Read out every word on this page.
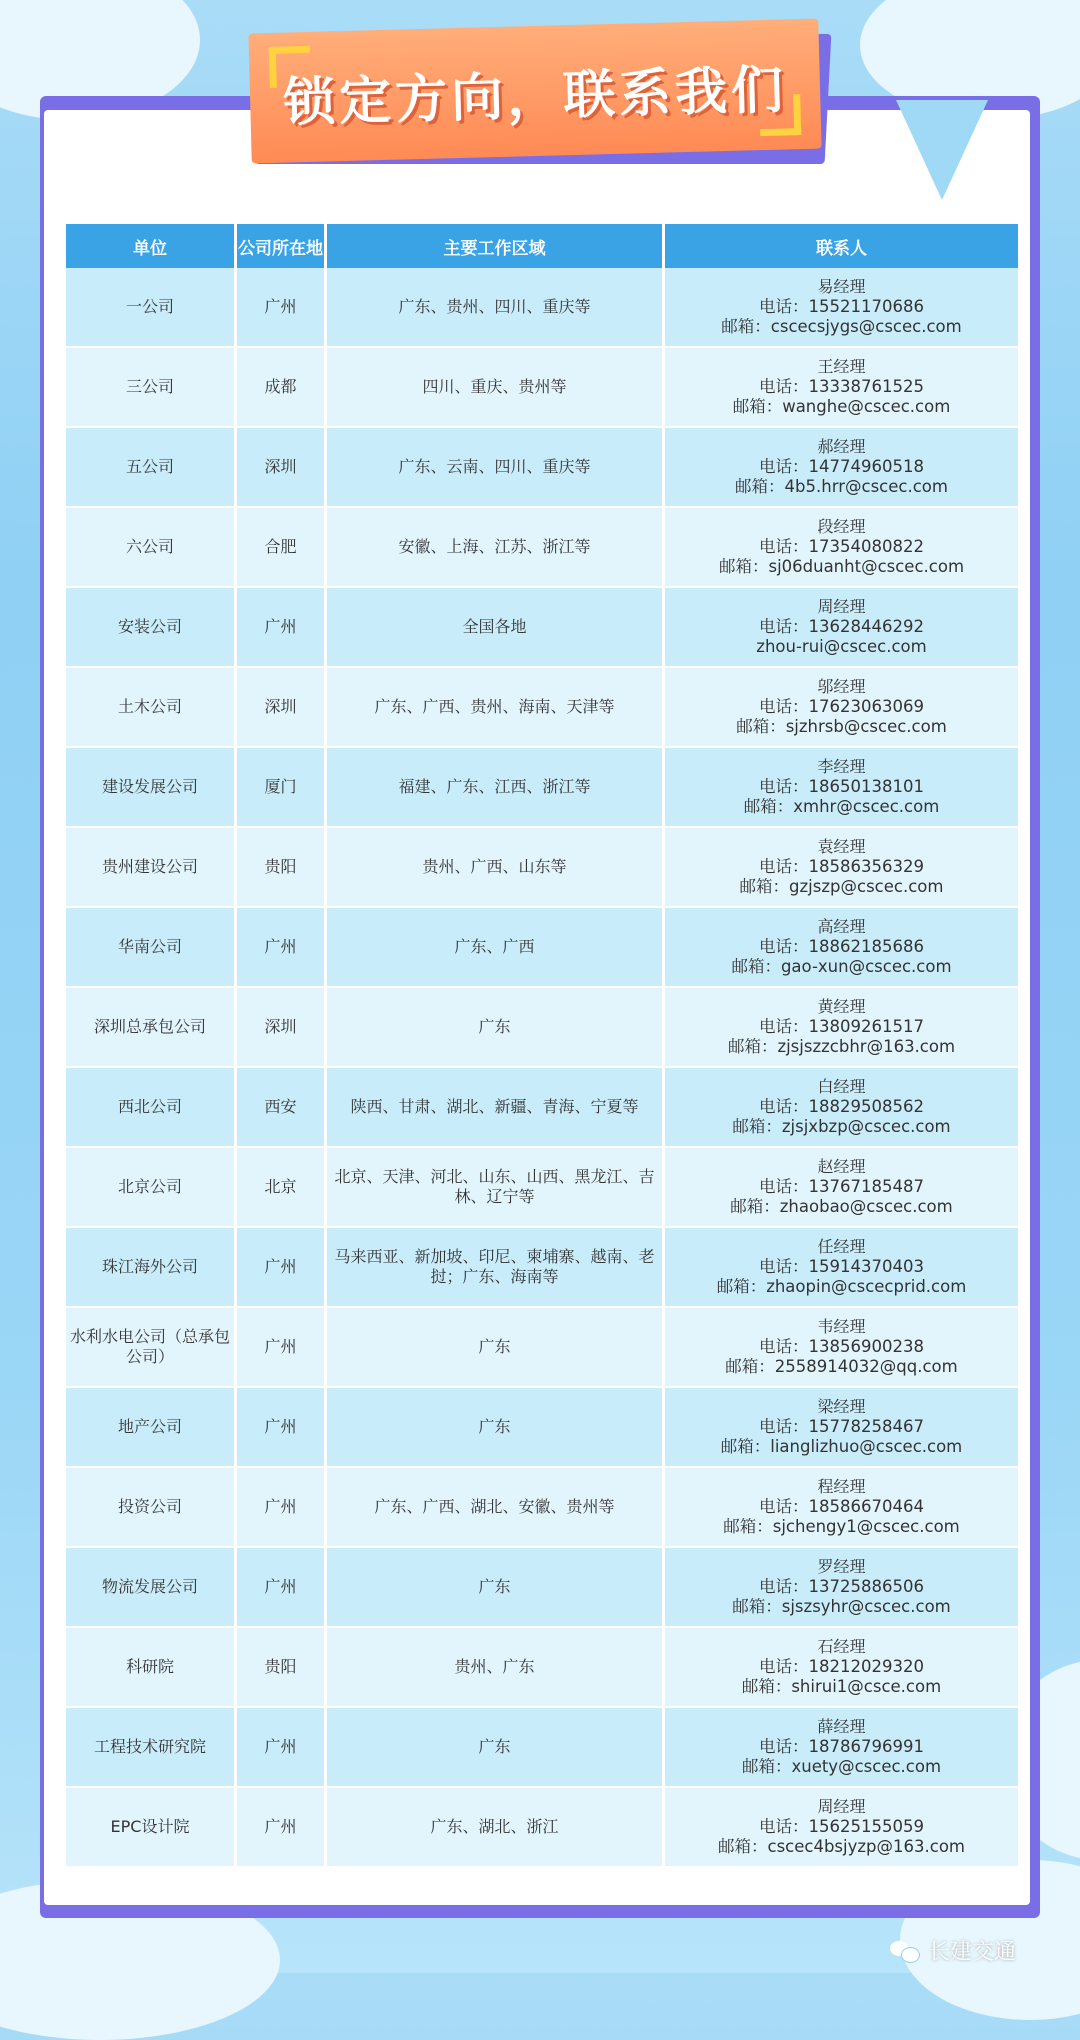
锁定方向，联系我们
单位	公司所在地	主要工作区域	联系人
一公司	广州	广东、贵州、四川、重庆等	易经理
电话：15521170686
邮箱：cscecsjygs@cscec.com

三公司	成都	四川、重庆、贵州等	王经理
电话：13338761525
邮箱：wanghe@cscec.com

五公司	深圳	广东、云南、四川、重庆等	郝经理
电话：14774960518
邮箱：4b5.hrr@cscec.com

六公司	合肥	安徽、上海、江苏、浙江等	段经理
电话：17354080822
邮箱：sj06duanht@cscec.com

安装公司	广州	全国各地	周经理
电话：13628446292
zhou-rui@cscec.com

土木公司	深圳	广东、广西、贵州、海南、天津等	邬经理
电话：17623063069
邮箱：sjzhrsb@cscec.com

建设发展公司	厦门	福建、广东、江西、浙江等	李经理
电话：18650138101
邮箱：xmhr@cscec.com

贵州建设公司	贵阳	贵州、广西、山东等	袁经理
电话：18586356329
邮箱：gzjszp@cscec.com

华南公司	广州	广东、广西	高经理
电话：18862185686
邮箱：gao-xun@cscec.com

深圳总承包公司	深圳	广东	黄经理
电话：13809261517
邮箱：zjsjszzcbhr@163.com

西北公司	西安	陕西、甘肃、湖北、新疆、青海、宁夏等	白经理
电话：18829508562
邮箱：zjsjxbzp@cscec.com

北京公司	北京	北京、天津、河北、山东、山西、黑龙江、吉林、辽宁等	赵经理
电话：13767185487
邮箱：zhaobao@cscec.com

珠江海外公司	广州	马来西亚、新加坡、印尼、柬埔寨、越南、老挝；广东、海南等	任经理
电话：15914370403
邮箱：zhaopin@cscecprid.com

水利水电公司（总承包公司）	广州	广东	韦经理
电话：13856900238
邮箱：2558914032@qq.com

地产公司	广州	广东	梁经理
电话：15778258467
邮箱：lianglizhuo@cscec.com

投资公司	广州	广东、广西、湖北、安徽、贵州等	程经理
电话：18586670464
邮箱：sjchengy1@cscec.com

物流发展公司	广州	广东	罗经理
电话：13725886506
邮箱：sjszsyhr@cscec.com

科研院	贵阳	贵州、广东	石经理
电话：18212029320
邮箱：shirui1@csce.com

工程技术研究院	广州	广东	薛经理
电话：18786796991
邮箱：xuety@cscec.com

EPC设计院	广州	广东、湖北、浙江	周经理
电话：15625155059
邮箱：cscec4bsjyzp@163.com
长建交通
